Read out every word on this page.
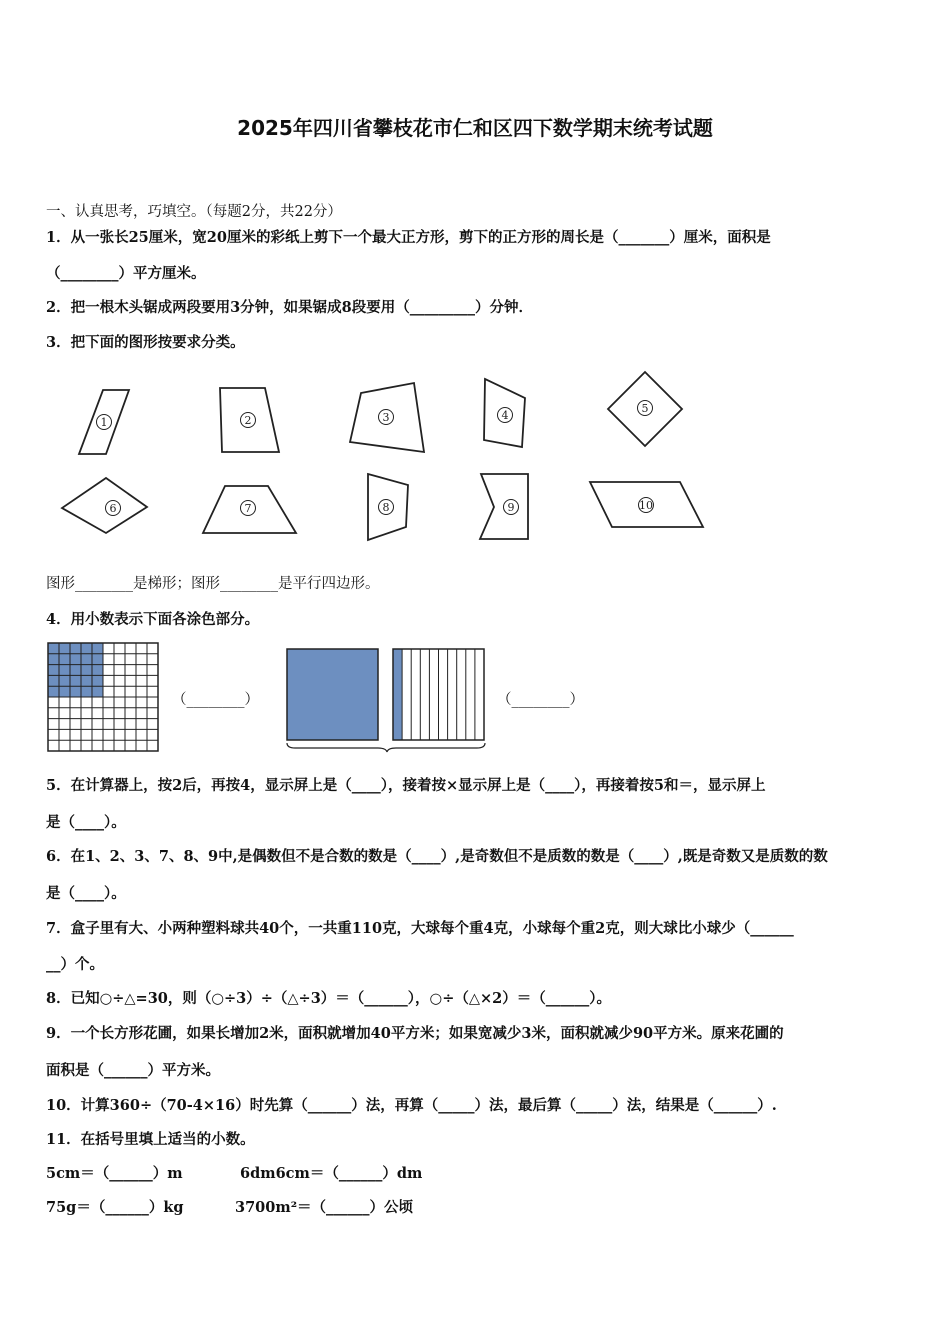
2025年四川省攀枝花市仁和区四下数学期末统考试题
一、认真思考，巧填空。（每题2分，共22分）
1．从一张长25厘米，宽20厘米的彩纸上剪下一个最大正方形，剪下的正方形的周长是（_______）厘米，面积是
（________）平方厘米。
2．把一根木头锯成两段要用3分钟，如果锯成8段要用（_________）分钟．
3．把下面的图形按要求分类。
1	2	3	4
5
6	7	8	9	10
图形________是梯形；图形________是平行四边形。
4．用小数表示下面各涂色部分。
（________）	（________）
5．在计算器上，按2后，再按4，显示屏上是（____），接着按×显示屏上是（____），再接着按5和＝，显示屏上
是（____）。
6．在1、2、3、7、8、9中,是偶数但不是合数的数是（____）,是奇数但不是质数的数是（____）,既是奇数又是质数的数
是（____）。
7．盒子里有大、小两种塑料球共40个，一共重110克，大球每个重4克，小球每个重2克，则大球比小球少（______
__）个。
8．已知○÷△=30，则（○÷3）÷（△÷3）＝（______），○÷（△×2）＝（______）。
9．一个长方形花圃，如果长增加2米，面积就增加40平方米；如果宽减少3米，面积就减少90平方米。原来花圃的
面积是（______）平方米。
10．计算360÷（70-4×16）时先算（______）法，再算（_____）法，最后算（_____）法，结果是（______）.
11．在括号里填上适当的小数。
5cm＝（______）m	6dm6cm＝（______）dm
75g＝（______）kg	3700m²＝（______）公顷
